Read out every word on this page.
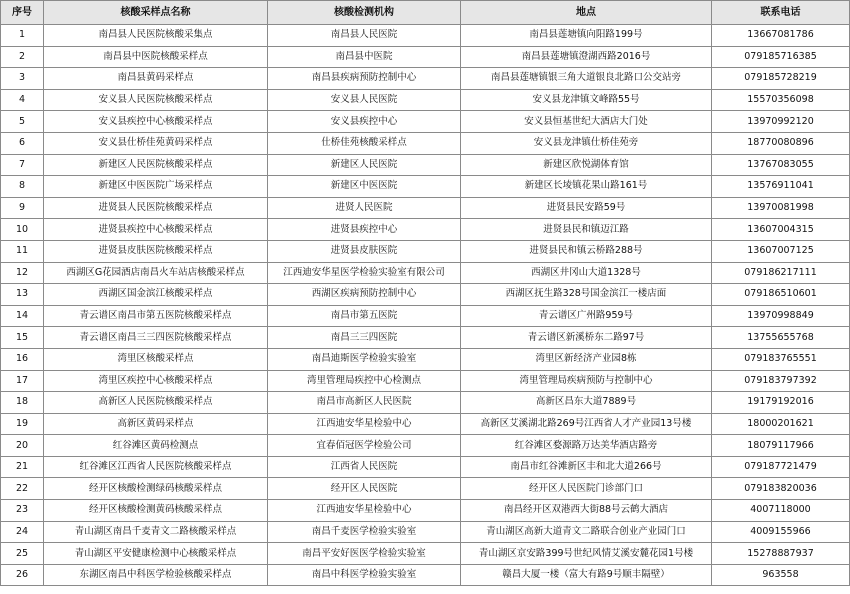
序号	核酸采样点名称	核酸检测机构	地点	联系电话
1	南昌县人民医院核酸采集点	南昌县人民医院	南昌县莲塘镇向阳路199号	13667081786
2	南昌县中医院核酸采样点	南昌县中医院	南昌县莲塘镇澄湖西路2016号	079185716385
3	南昌县黄码采样点	南昌县疾病预防控制中心	南昌县莲塘镇银三角大道银良北路口公交站旁	079185728219
4	安义县人民医院核酸采样点	安义县人民医院	安义县龙津镇文峰路55号	15570356098
5	安义县疾控中心核酸采样点	安义县疾控中心	安义县恒基世纪大酒店大门处	13970992120
6	安义县仕桥佳苑黄码采样点	仕桥佳苑核酸采样点	安义县龙津镇仕桥佳苑旁	18770080896
7	新建区人民医院核酸采样点	新建区人民医院	新建区欣悦湖体育馆	13767083055
8	新建区中医医院广场采样点	新建区中医医院	新建区长堎镇花果山路161号	13576911041
9	进贤县人民医院核酸采样点	进贤人民医院	进贤县民安路59号	13970081998
10	进贤县疾控中心核酸采样点	进贤县疾控中心	进贤县民和镇迈江路	13607004315
11	进贤县皮肤医院核酸采样点	进贤县皮肤医院	进贤县民和镇云桥路288号	13607007125
12	西湖区G花园酒店南昌火车站店核酸采样点	江西迪安华星医学检验实验室有限公司	西湖区井冈山大道1328号	079186217111
13	西湖区国金滨江核酸采样点	西湖区疾病预防控制中心	西湖区抚生路328号国金滨江一楼店面	079186510601
14	青云谱区南昌市第五医院核酸采样点	南昌市第五医院	青云谱区广州路959号	13970998849
15	青云谱区南昌三三四医院核酸采样点	南昌三三四医院	青云谱区新溪桥东二路97号	13755655768
16	湾里区核酸采样点	南昌迪斯医学检验实验室	湾里区新经济产业园8栋	079183765551
17	湾里区疾控中心核酸采样点	湾里管理局疾控中心检测点	湾里管理局疾病预防与控制中心	079183797392
18	高新区人民医院核酸采样点	南昌市高新区人民医院	高新区昌东大道7889号	19179192016
19	高新区黄码采样点	江西迪安华星检验中心	高新区艾溪湖北路269号江西省人才产业园13号楼	18000201621
20	红谷滩区黄码检测点	宜春佰冠医学检验公司	红谷滩区婺源路万达美华酒店路旁	18079117966
21	红谷滩区江西省人民医院核酸采样点	江西省人民医院	南昌市红谷滩新区丰和北大道266号	079187721479
22	经开区核酸检测绿码核酸采样点	经开区人民医院	经开区人民医院门诊部门口	079183820036
23	经开区核酸检测黄码核酸采样点	江西迪安华星检验中心	南昌经开区双港西大街88号云鹤大酒店	4007118000
24	青山湖区南昌千麦青文二路核酸采样点	南昌千麦医学检验实验室	青山湖区高新大道青文二路联合创业产业园门口	4009155966
25	青山湖区平安健康检测中心核酸采样点	南昌平安好医医学检验实验室	青山湖区京安路399号世纪风情艾溪安麓花园1号楼	15278887937
26	东湖区南昌中科医学检验核酸采样点	南昌中科医学检验实验室	赣昌大厦一楼（富大有路9号顺丰隔壁）	963558
